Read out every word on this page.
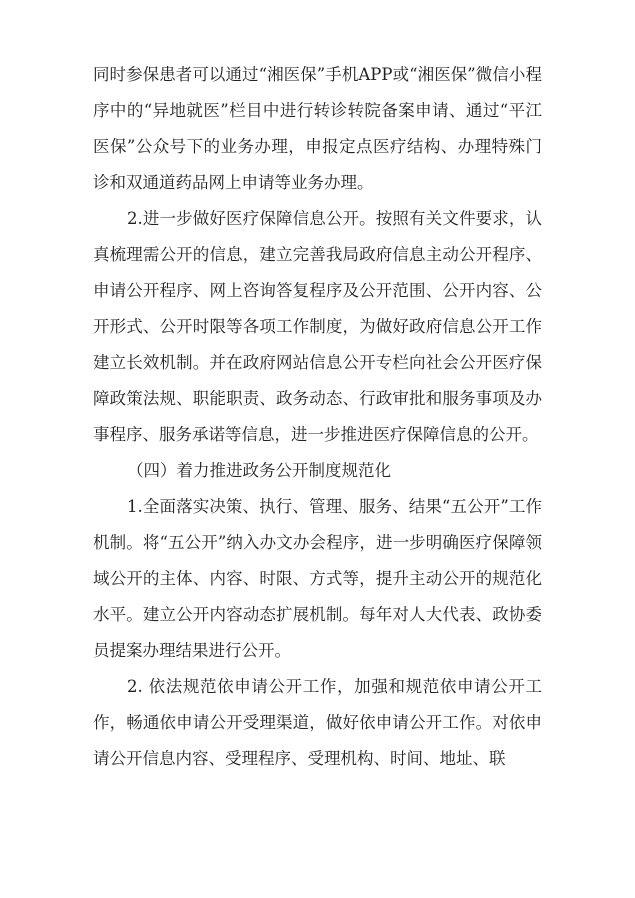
同时参保患者可以通过“湘医保”手机APP或“湘医保”微信小程序中的“异地就医”栏目中进行转诊转院备案申请、通过“平江医保”公众号下的业务办理，申报定点医疗结构、办理特殊门诊和双通道药品网上申请等业务办理。

2.进一步做好医疗保障信息公开。按照有关文件要求，认真梳理需公开的信息，建立完善我局政府信息主动公开程序、申请公开程序、网上咨询答复程序及公开范围、公开内容、公开形式、公开时限等各项工作制度，为做好政府信息公开工作建立长效机制。并在政府网站信息公开专栏向社会公开医疗保障政策法规、职能职责、政务动态、行政审批和服务事项及办事程序、服务承诺等信息，进一步推进医疗保障信息的公开。

（四）着力推进政务公开制度规范化

1.全面落实决策、执行、管理、服务、结果“五公开”工作机制。将“五公开”纳入办文办会程序，进一步明确医疗保障领域公开的主体、内容、时限、方式等，提升主动公开的规范化水平。建立公开内容动态扩展机制。每年对人大代表、政协委员提案办理结果进行公开。

2. 依法规范依申请公开工作，加强和规范依申请公开工作，畅通依申请公开受理渠道，做好依申请公开工作。对依申请公开信息内容、受理程序、受理机构、时间、地址、联
